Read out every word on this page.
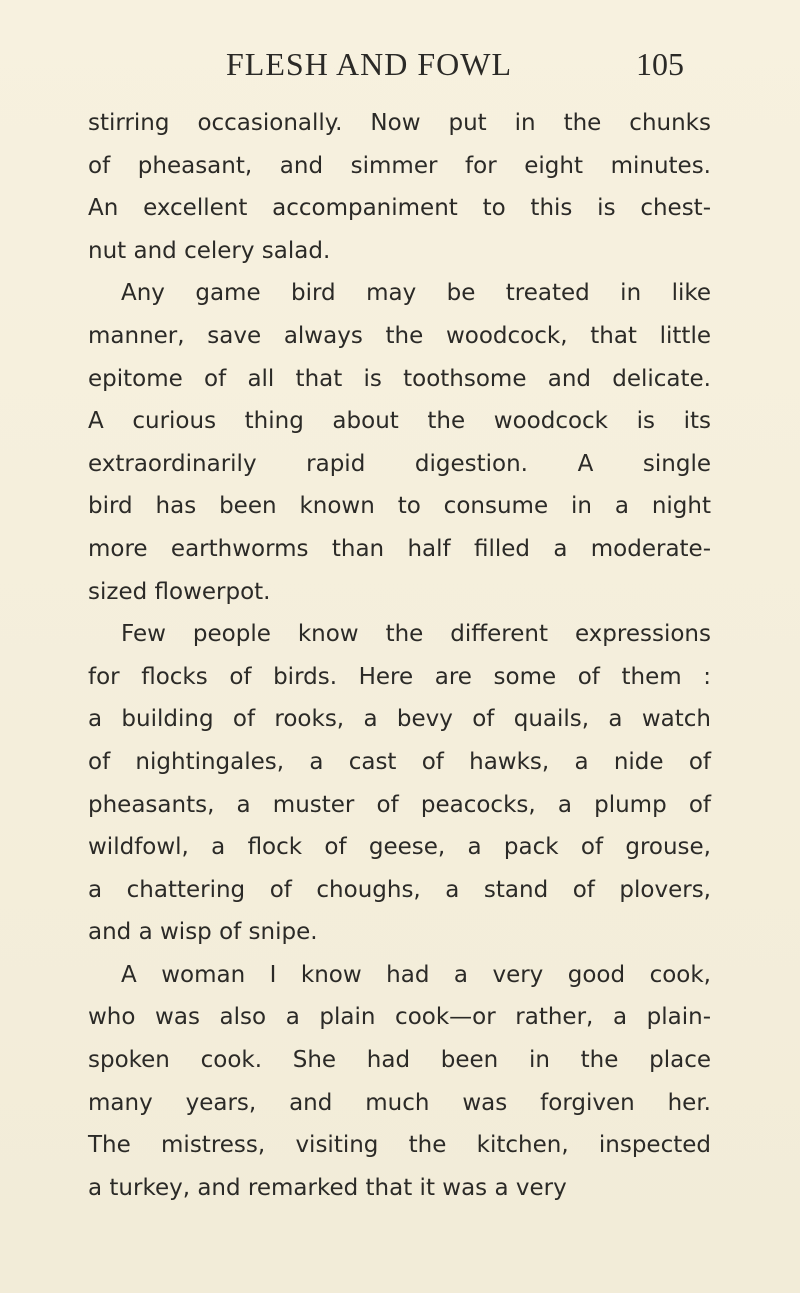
FLESH AND FOWL	105
stirring occasionally. Now put in the chunks
of pheasant, and simmer for eight minutes.
An excellent accompaniment to this is chest-
nut and celery salad.
Any game bird may be treated in like
manner, save always the woodcock, that little
epitome of all that is toothsome and delicate.
A curious thing about the woodcock is its
extraordinarily rapid digestion. A single
bird has been known to consume in a night
more earthworms than half filled a moderate-
sized flowerpot.
Few people know the different expressions
for flocks of birds. Here are some of them :
a building of rooks, a bevy of quails, a watch
of nightingales, a cast of hawks, a nide of
pheasants, a muster of peacocks, a plump of
wildfowl, a flock of geese, a pack of grouse,
a chattering of choughs, a stand of plovers,
and a wisp of snipe.
A woman I know had a very good cook,
who was also a plain cook—or rather, a plain-
spoken cook. She had been in the place
many years, and much was forgiven her.
The mistress, visiting the kitchen, inspected
a turkey, and remarked that it was a very
